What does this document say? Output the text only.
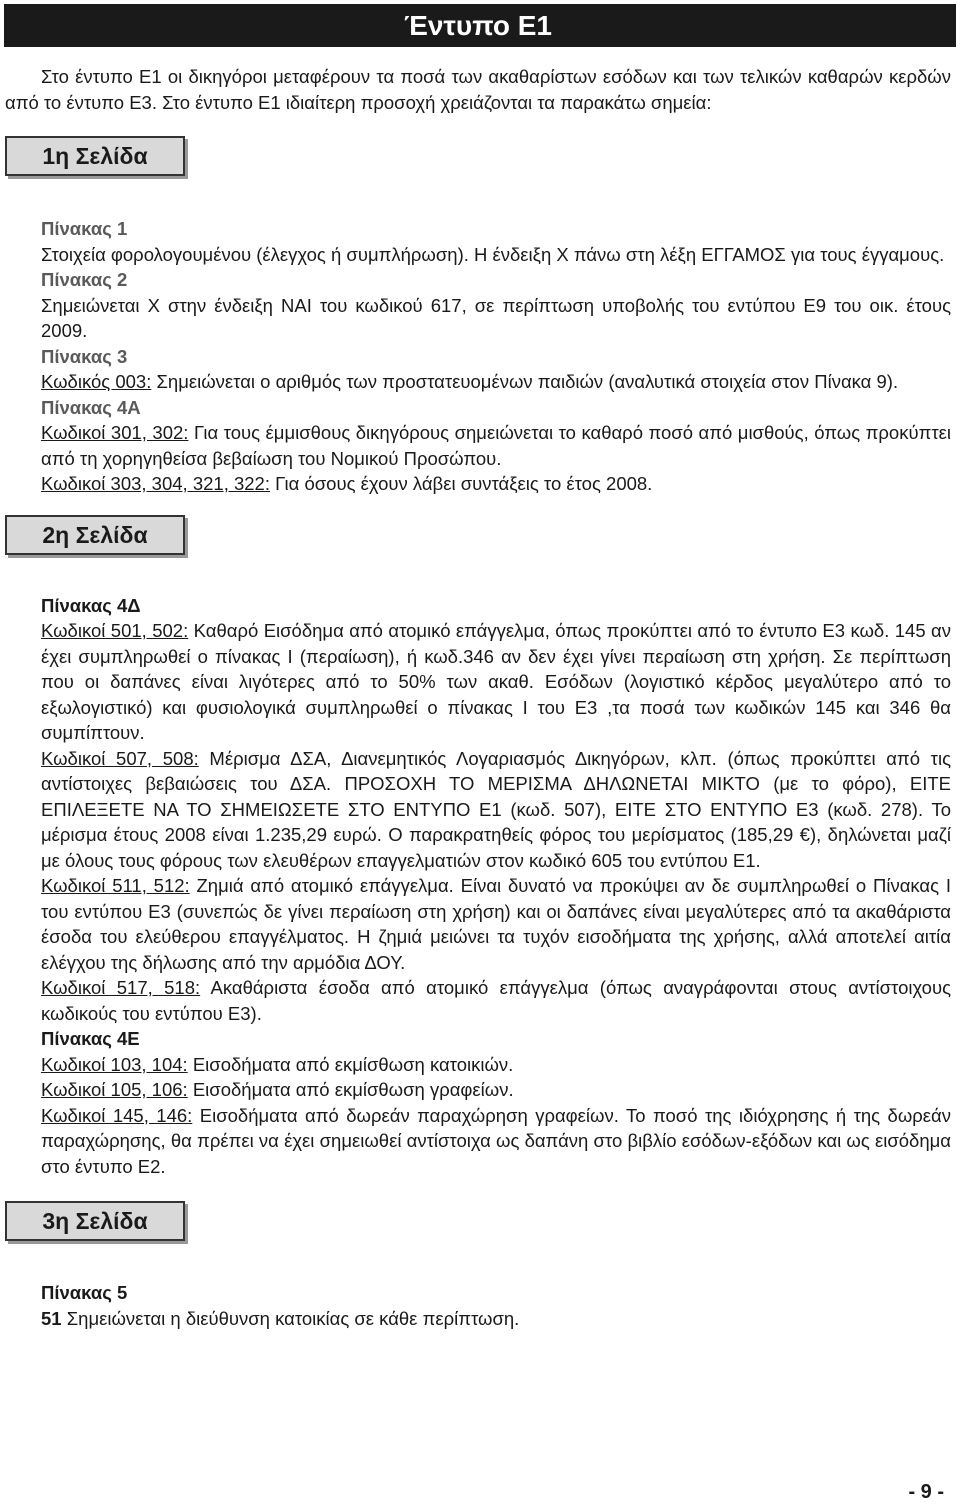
Έντυπο Ε1

Στο έντυπο Ε1 οι δικηγόροι μεταφέρουν τα ποσά των ακαθαρίστων εσόδων και των τελικών καθαρών κερδών από το έντυπο Ε3. Στο έντυπο Ε1 ιδιαίτερη προσοχή χρειάζονται τα παρακάτω σημεία:

1η Σελίδα
Πίνακας 1

Στοιχεία φορολογουμένου (έλεγχος ή συμπλήρωση). Η ένδειξη Χ πάνω στη λέξη ΕΓΓΑΜΟΣ για τους έγγαμους.

Πίνακας 2

Σημειώνεται Χ στην ένδειξη ΝΑΙ του κωδικού 617, σε περίπτωση υποβολής του εντύπου Ε9 του οικ. έτους 2009.

Πίνακας 3

Κωδικός 003: Σημειώνεται ο αριθμός των προστατευομένων παιδιών (αναλυτικά στοιχεία στον Πίνακα 9).

Πίνακας 4Α

Κωδικοί 301, 302: Για τους έμμισθους δικηγόρους σημειώνεται το καθαρό ποσό από μισθούς, όπως προκύπτει από τη χορηγηθείσα βεβαίωση του Νομικού Προσώπου.

Κωδικοί 303, 304, 321, 322: Για όσους έχουν λάβει συντάξεις το έτος 2008.

2η Σελίδα
Πίνακας 4Δ

Κωδικοί 501, 502: Καθαρό Εισόδημα από ατομικό επάγγελμα, όπως προκύπτει από το έντυπο Ε3 κωδ. 145 αν έχει συμπληρωθεί ο πίνακας Ι (περαίωση), ή κωδ.346 αν δεν έχει γίνει περαίωση στη χρήση. Σε περίπτωση που οι δαπάνες είναι λιγότερες από το 50% των ακαθ. Εσόδων (λογιστικό κέρδος μεγαλύτερο από το εξωλογιστικό) και φυσιολογικά συμπληρωθεί ο πίνακας Ι του Ε3 ,τα ποσά των κωδικών 145 και 346 θα συμπίπτουν.

Κωδικοί 507, 508: Μέρισμα ΔΣΑ, Διανεμητικός Λογαριασμός Δικηγόρων, κλπ. (όπως προκύπτει από τις αντίστοιχες βεβαιώσεις του ΔΣΑ. ΠΡΟΣΟΧΗ ΤΟ ΜΕΡΙΣΜΑ ΔΗΛΩΝΕΤΑΙ ΜΙΚΤΟ (με το φόρο), ΕΙΤΕ ΕΠΙΛΕΞΕΤΕ ΝΑ ΤΟ ΣΗΜΕΙΩΣΕΤΕ ΣΤΟ ΕΝΤΥΠΟ Ε1 (κωδ. 507), ΕΙΤΕ ΣΤΟ ΕΝΤΥΠΟ Ε3 (κωδ. 278). Το μέρισμα έτους 2008 είναι 1.235,29 ευρώ. Ο παρακρατηθείς φόρος του μερίσματος (185,29 €), δηλώνεται μαζί με όλους τους φόρους των ελευθέρων επαγγελματιών στον κωδικό 605 του εντύπου Ε1.

Κωδικοί 511, 512: Ζημιά από ατομικό επάγγελμα. Είναι δυνατό να προκύψει αν δε συμπληρωθεί ο Πίνακας Ι του εντύπου Ε3 (συνεπώς δε γίνει περαίωση στη χρήση) και οι δαπάνες είναι μεγαλύτερες από τα ακαθάριστα έσοδα του ελεύθερου επαγγέλματος. Η ζημιά μειώνει τα τυχόν εισοδήματα της χρήσης, αλλά αποτελεί αιτία ελέγχου της δήλωσης από την αρμόδια ΔΟΥ.

Κωδικοί 517, 518: Ακαθάριστα έσοδα από ατομικό επάγγελμα (όπως αναγράφονται στους αντίστοιχους κωδικούς του εντύπου Ε3).

Πίνακας 4Ε

Κωδικοί 103, 104: Εισοδήματα από εκμίσθωση κατοικιών.

Κωδικοί 105, 106: Εισοδήματα από εκμίσθωση γραφείων.

Κωδικοί 145, 146: Εισοδήματα από δωρεάν παραχώρηση γραφείων. Το ποσό της ιδιόχρησης ή της δωρεάν παραχώρησης, θα πρέπει να έχει σημειωθεί αντίστοιχα ως δαπάνη στο βιβλίο εσόδων-εξόδων και ως εισόδημα στο έντυπο Ε2.

3η Σελίδα
Πίνακας 5

51 Σημειώνεται η διεύθυνση κατοικίας σε κάθε περίπτωση.

- 9 -
